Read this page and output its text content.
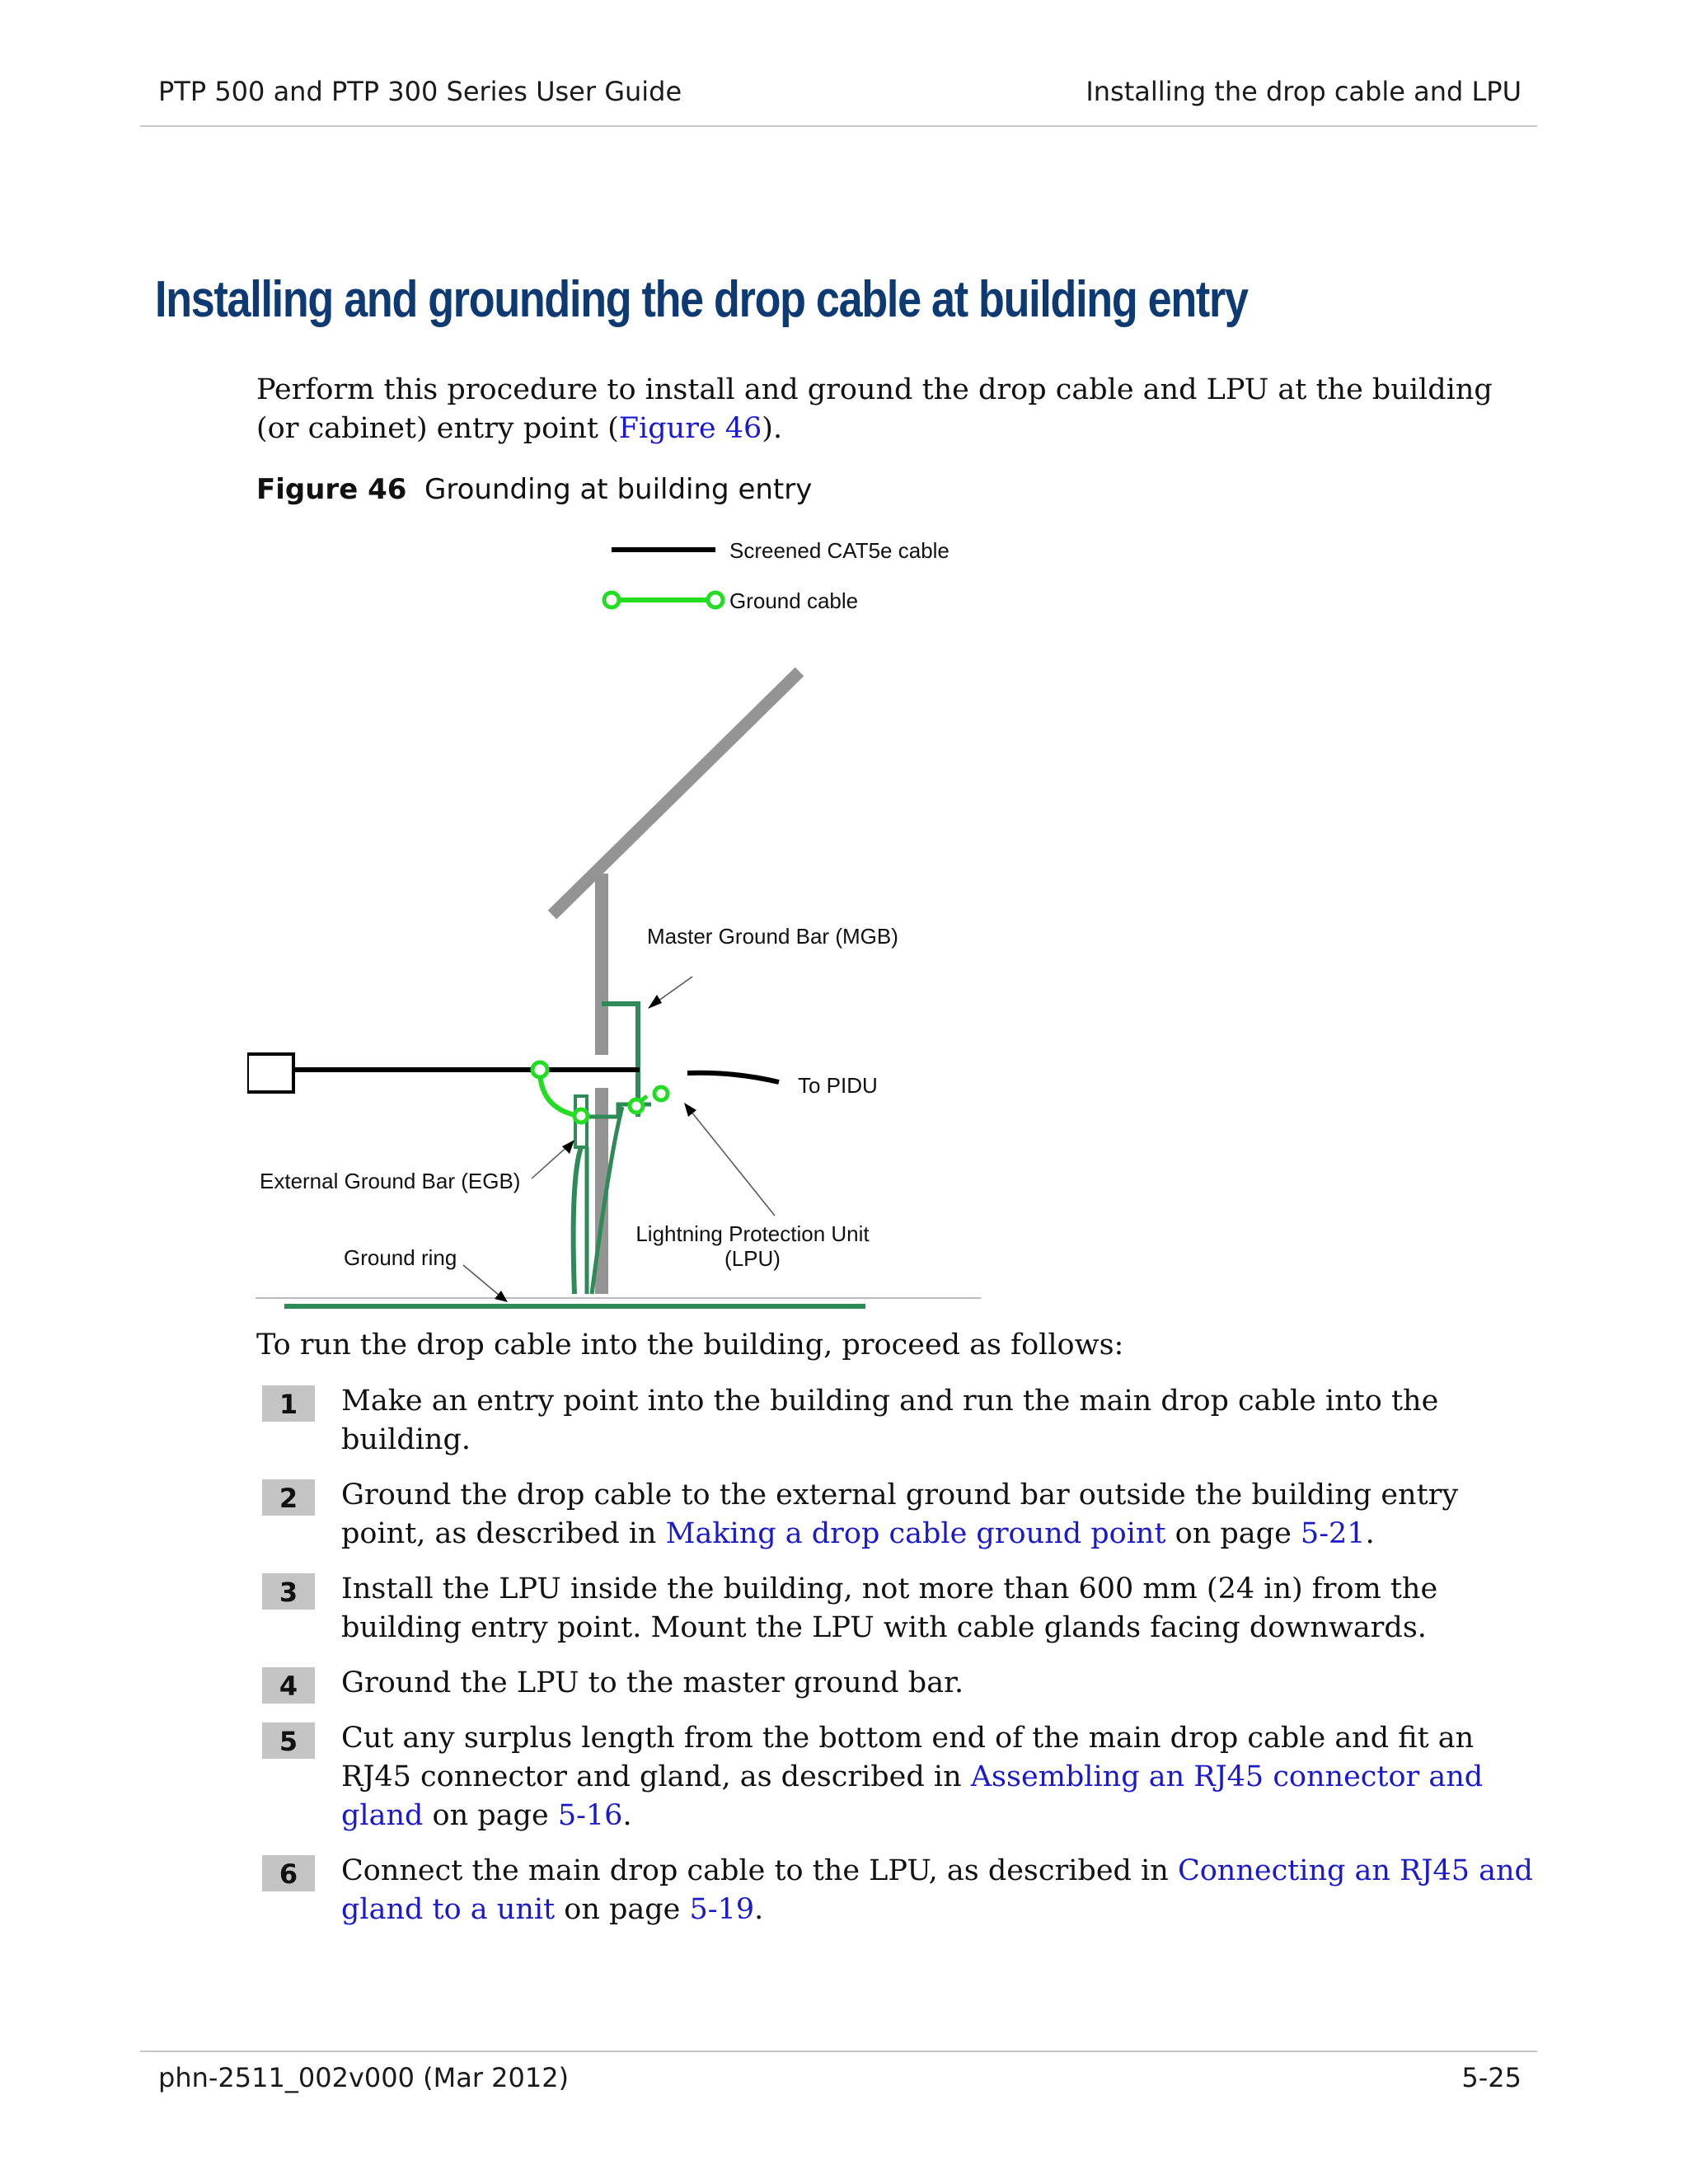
PTP 500 and PTP 300 Series User Guide	Installing the drop cable and LPU
Installing and grounding the drop cable at building entry

Perform this procedure to install and ground the drop cable and LPU at the building (or cabinet) entry point (Figure 46).

Figure 46 Grounding at building entry

Screened CAT5e cable
Ground cable
Master Ground Bar (MGB)
To PIDU
External Ground Bar (EGB)
Lightning Protection Unit
(LPU)
Ground ring

To run the drop cable into the building, proceed as follows:

1	Make an entry point into the building and run the main drop cable into the building.

2	Ground the drop cable to the external ground bar outside the building entry point, as described in Making a drop cable ground point on page 5-21.

3	Install the LPU inside the building, not more than 600 mm (24 in) from the building entry point. Mount the LPU with cable glands facing downwards.

4	Ground the LPU to the master ground bar.

5	Cut any surplus length from the bottom end of the main drop cable and fit an RJ45 connector and gland, as described in Assembling an RJ45 connector and gland on page 5-16.

6	Connect the main drop cable to the LPU, as described in Connecting an RJ45 and gland to a unit on page 5-19.

phn-2511_002v000 (Mar 2012)	5-25
